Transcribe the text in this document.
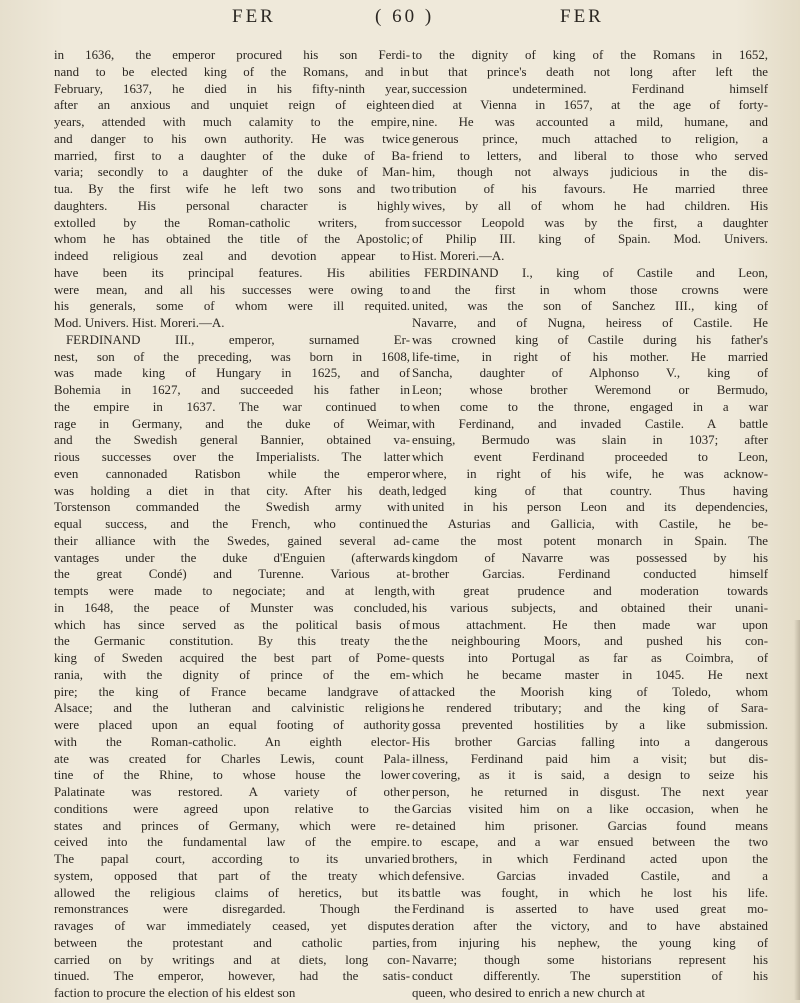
FER	( 60 )	FER
in 1636, the emperor procured his son Ferdi-
nand to be elected king of the Romans, and in
February, 1637, he died in his fifty-ninth year,
after an anxious and unquiet reign of eighteen
years, attended with much calamity to the empire,
and danger to his own authority. He was twice
married, first to a daughter of the duke of Ba-
varia; secondly to a daughter of the duke of Man-
tua. By the first wife he left two sons and two
daughters. His personal character is highly
extolled by the Roman-catholic writers, from
whom he has obtained the title of the Apostolic;
indeed religious zeal and devotion appear to
have been its principal features. His abilities
were mean, and all his successes were owing to
his generals, some of whom were ill requited.
Mod. Univers. Hist. Moreri.—A.
FERDINAND III., emperor, surnamed Er-
nest, son of the preceding, was born in 1608,
was made king of Hungary in 1625, and of
Bohemia in 1627, and succeeded his father in
the empire in 1637. The war continued to
rage in Germany, and the duke of Weimar,
and the Swedish general Bannier, obtained va-
rious successes over the Imperialists. The latter
even cannonaded Ratisbon while the emperor
was holding a diet in that city. After his death,
Torstenson commanded the Swedish army with
equal success, and the French, who continued
their alliance with the Swedes, gained several ad-
vantages under the duke d'Enguien (afterwards
the great Condé) and Turenne. Various at-
tempts were made to negociate; and at length,
in 1648, the peace of Munster was concluded,
which has since served as the political basis of
the Germanic constitution. By this treaty the
king of Sweden acquired the best part of Pome-
rania, with the dignity of prince of the em-
pire; the king of France became landgrave of
Alsace; and the lutheran and calvinistic religions
were placed upon an equal footing of authority
with the Roman-catholic. An eighth elector-
ate was created for Charles Lewis, count Pala-
tine of the Rhine, to whose house the lower
Palatinate was restored. A variety of other
conditions were agreed upon relative to the
states and princes of Germany, which were re-
ceived into the fundamental law of the empire.
The papal court, according to its unvaried
system, opposed that part of the treaty which
allowed the religious claims of heretics, but its
remonstrances were disregarded. Though the
ravages of war immediately ceased, yet disputes
between the protestant and catholic parties,
carried on by writings and at diets, long con-
tinued. The emperor, however, had the satis-
faction to procure the election of his eldest son
to the dignity of king of the Romans in 1652,
but that prince's death not long after left the
succession undetermined. Ferdinand himself
died at Vienna in 1657, at the age of forty-
nine. He was accounted a mild, humane, and
generous prince, much attached to religion, a
friend to letters, and liberal to those who served
him, though not always judicious in the dis-
tribution of his favours. He married three
wives, by all of whom he had children. His
successor Leopold was by the first, a daughter
of Philip III. king of Spain. Mod. Univers.
Hist. Moreri.—A.
FERDINAND I., king of Castile and Leon,
and the first in whom those crowns were
united, was the son of Sanchez III., king of
Navarre, and of Nugna, heiress of Castile. He
was crowned king of Castile during his father's
life-time, in right of his mother. He married
Sancha, daughter of Alphonso V., king of
Leon; whose brother Weremond or Bermudo,
when come to the throne, engaged in a war
with Ferdinand, and invaded Castile. A battle
ensuing, Bermudo was slain in 1037; after
which event Ferdinand proceeded to Leon,
where, in right of his wife, he was acknow-
ledged king of that country. Thus having
united in his person Leon and its dependencies,
the Asturias and Gallicia, with Castile, he be-
came the most potent monarch in Spain. The
kingdom of Navarre was possessed by his
brother Garcias. Ferdinand conducted himself
with great prudence and moderation towards
his various subjects, and obtained their unani-
mous attachment. He then made war upon
the neighbouring Moors, and pushed his con-
quests into Portugal as far as Coimbra, of
which he became master in 1045. He next
attacked the Moorish king of Toledo, whom
he rendered tributary; and the king of Sara-
gossa prevented hostilities by a like submission.
His brother Garcias falling into a dangerous
illness, Ferdinand paid him a visit; but dis-
covering, as it is said, a design to seize his
person, he returned in disgust. The next year
Garcias visited him on a like occasion, when he
detained him prisoner. Garcias found means
to escape, and a war ensued between the two
brothers, in which Ferdinand acted upon the
defensive. Garcias invaded Castile, and a
battle was fought, in which he lost his life.
Ferdinand is asserted to have used great mo-
deration after the victory, and to have abstained
from injuring his nephew, the young king of
Navarre; though some historians represent his
conduct differently. The superstition of his
queen, who desired to enrich a new church at
